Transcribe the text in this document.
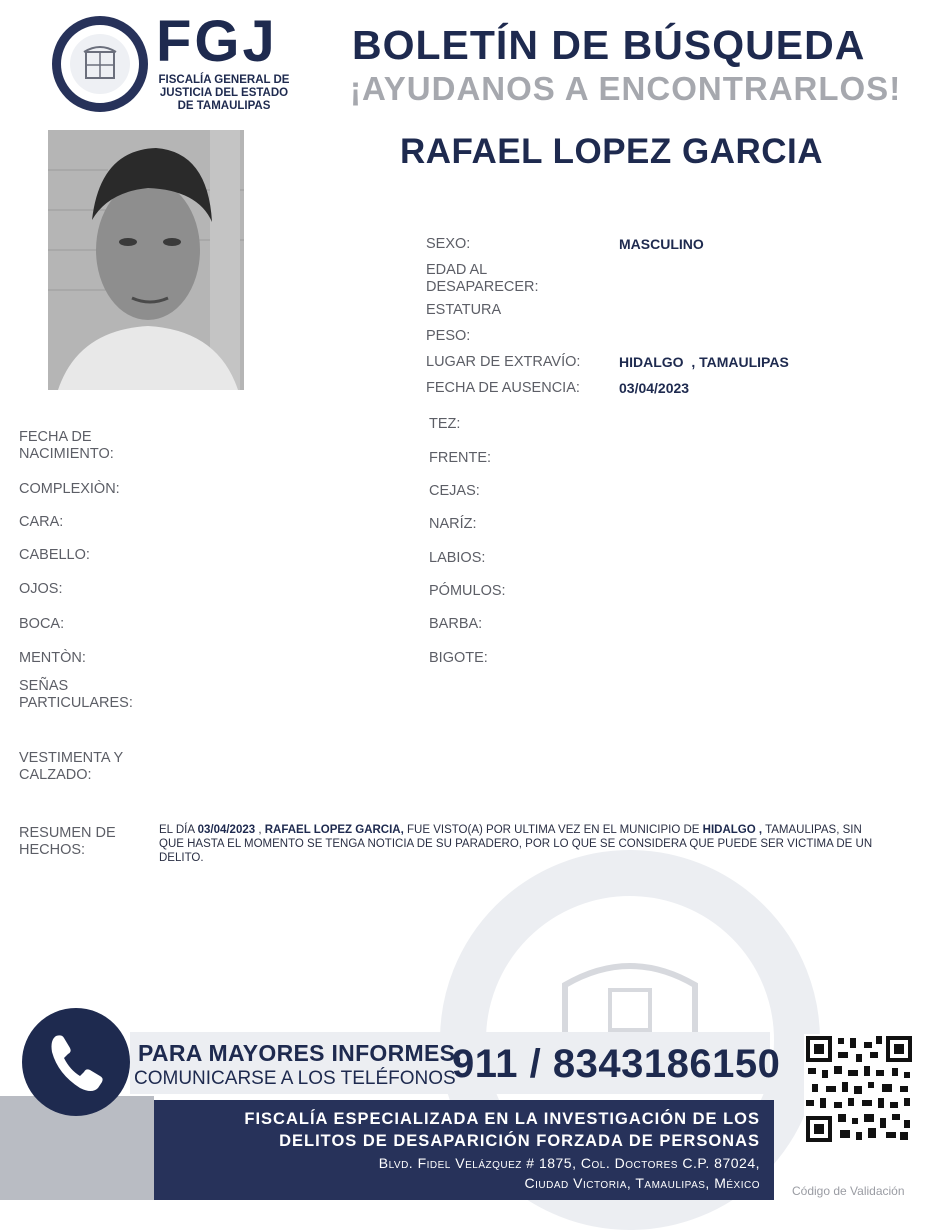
FGJ
FISCALÍA GENERAL DE
JUSTICIA DEL ESTADO
DE TAMAULIPAS
BOLETÍN DE BÚSQUEDA
¡AYUDANOS A ENCONTRARLOS!
RAFAEL LOPEZ GARCIA
SEXO:	MASCULINO
EDAD AL
DESAPARECER:
ESTATURA
PESO:
LUGAR DE EXTRAVÍO:	HIDALGO  , TAMAULIPAS
FECHA DE AUSENCIA:	03/04/2023
FECHA DE
NACIMIENTO:
COMPLEXIÒN:
CARA:
CABELLO:
OJOS:
BOCA:
MENTÒN:
SEÑAS
PARTICULARES:
VESTIMENTA Y
CALZADO:
TEZ:
FRENTE:
CEJAS:
NARÍZ:
LABIOS:
PÓMULOS:
BARBA:
BIGOTE:
RESUMEN DE
HECHOS:
EL DÍA 03/04/2023 , RAFAEL LOPEZ GARCIA, FUE VISTO(A) POR ULTIMA VEZ EN EL MUNICIPIO DE HIDALGO , TAMAULIPAS, SIN QUE HASTA EL MOMENTO SE TENGA NOTICIA DE SU PARADERO, POR LO QUE SE CONSIDERA QUE PUEDE SER VICTIMA DE UN DELITO.
PARA MAYORES INFORMES,
COMUNICARSE A LOS TELÉFONOS
911 / 8343186150
FISCALÍA ESPECIALIZADA EN LA INVESTIGACIÓN DE LOS
DELITOS DE DESAPARICIÓN FORZADA DE PERSONAS
Blvd. Fidel Velázquez # 1875, Col. Doctores C.P. 87024,
Ciudad Victoria, Tamaulipas, México	Código de Validación
